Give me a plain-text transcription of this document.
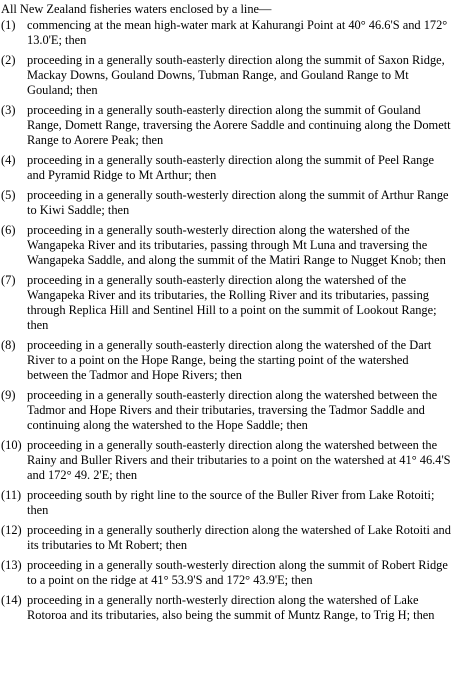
All New Zealand fisheries waters enclosed by a line—
(1) commencing at the mean high-water mark at Kahurangi Point at 40° 46.6'S and 172° 13.0'E; then
(2) proceeding in a generally south-easterly direction along the summit of Saxon Ridge, Mackay Downs, Gouland Downs, Tubman Range, and Gouland Range to Mt Gouland; then
(3) proceeding in a generally south-easterly direction along the summit of Gouland Range, Domett Range, traversing the Aorere Saddle and continuing along the Domett Range to Aorere Peak; then
(4) proceeding in a generally south-easterly direction along the summit of Peel Range and Pyramid Ridge to Mt Arthur; then
(5) proceeding in a generally south-westerly direction along the summit of Arthur Range to Kiwi Saddle; then
(6) proceeding in a generally south-westerly direction along the watershed of the Wangapeka River and its tributaries, passing through Mt Luna and traversing the Wangapeka Saddle, and along the summit of the Matiri Range to Nugget Knob; then
(7) proceeding in a generally south-easterly direction along the watershed of the Wangapeka River and its tributaries, the Rolling River and its tributaries, passing through Replica Hill and Sentinel Hill to a point on the summit of Lookout Range; then
(8) proceeding in a generally south-easterly direction along the watershed of the Dart River to a point on the Hope Range, being the starting point of the watershed between the Tadmor and Hope Rivers; then
(9) proceeding in a generally south-easterly direction along the watershed between the Tadmor and Hope Rivers and their tributaries, traversing the Tadmor Saddle and continuing along the watershed to the Hope Saddle; then
(10) proceeding in a generally south-easterly direction along the watershed between the Rainy and Buller Rivers and their tributaries to a point on the watershed at 41° 46.4'S and 172° 49. 2'E; then
(11) proceeding south by right line to the source of the Buller River from Lake Rotoiti; then
(12) proceeding in a generally southerly direction along the watershed of Lake Rotoiti and its tributaries to Mt Robert; then
(13) proceeding in a generally south-westerly direction along the summit of Robert Ridge to a point on the ridge at 41° 53.9'S and 172° 43.9'E; then
(14) proceeding in a generally north-westerly direction along the watershed of Lake Rotoroa and its tributaries, also being the summit of Muntz Range, to Trig H; then
